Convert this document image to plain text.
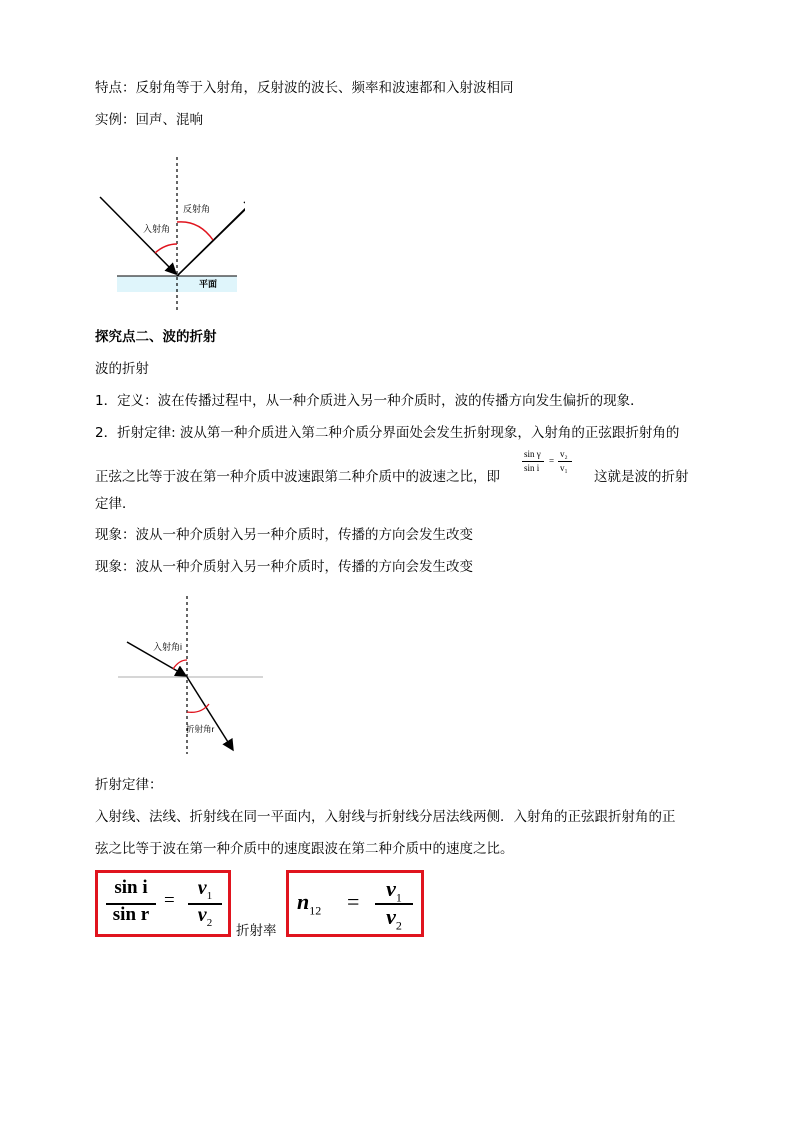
特点：反射角等于入射角，反射波的波长、频率和波速都和入射波相同
实例：回声、混响
入射角
反射角
平面
探究点二、波的折射
波的折射
1．定义：波在传播过程中，从一种介质进入另一种介质时，波的传播方向发生偏折的现象．
2．折射定律: 波从第一种介质进入第二种介质分界面处会发生折射现象，入射角的正弦跟折射角的
正弦之比等于波在第一种介质中波速跟第二种介质中的波速之比，即
sin γ
sin i
=
v₂
v₁
这就是波的折射
定律．
现象：波从一种介质射入另一种介质时，传播的方向会发生改变
现象：波从一种介质射入另一种介质时，传播的方向会发生改变
入射角i
折射角r
折射定律：
入射线、法线、折射线在同一平面内，入射线与折射线分居法线两侧．入射角的正弦跟折射角的正
弦之比等于波在第一种介质中的速度跟波在第二种介质中的速度之比。
sin i
sin r
=
$v_1$
$v_2$	折射率
$n_{12}$ =
$v_1$
$v_2$
